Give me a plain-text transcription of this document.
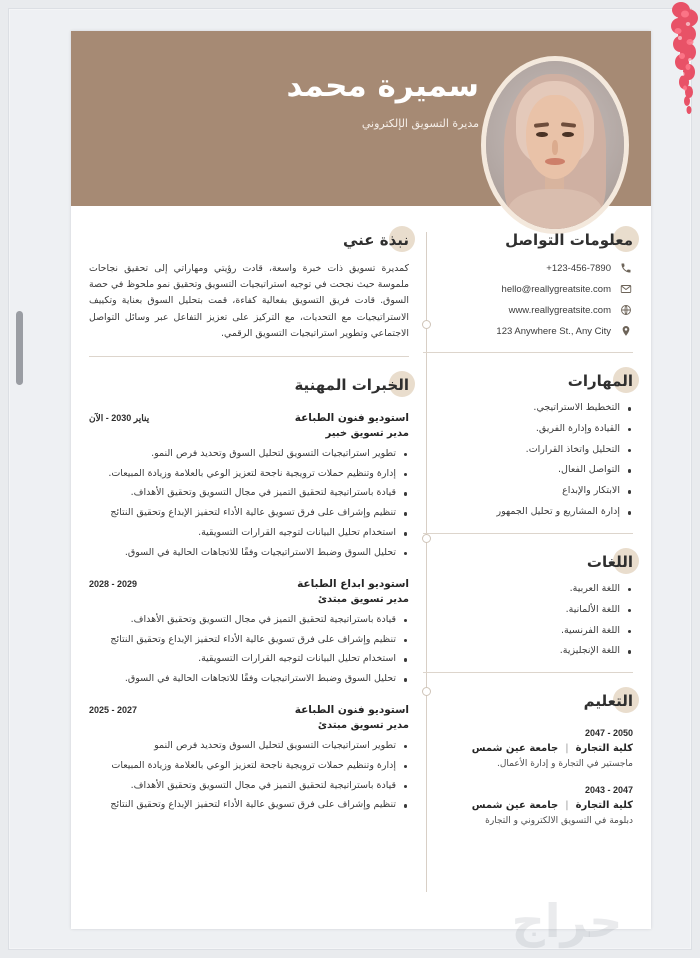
سميرة محمد
مديرة التسويق الإلكتروني
معلومات التواصل
+123-456-7890
hello@reallygreatsite.com
www.reallygreatsite.com
123 Anywhere St., Any City
المهارات
التخطيط الاستراتيجي.
القيادة وإدارة الفريق.
التحليل واتخاذ القرارات.
التواصل الفعال.
الابتكار والإبداع
إدارة المشاريع و تحليل الجمهور
اللغات
اللغة العربية.
اللغة الألمانية.
اللغة الفرنسية.
اللغة الإنجليزية.
التعليم
2047 - 2050
كلية التجارة
|
جامعة عين شمس
ماجستير في التجارة و إدارة الأعمال.
2043 - 2047
كلية التجارة
|
جامعة عين شمس
دبلومة في التسويق الالكتروني و التجارة
نبذة عني
كمديرة تسويق ذات خبرة واسعة، قادت رؤيتي ومهاراتي إلى تحقيق نجاحات ملموسة حيث نجحت في توجيه استراتيجيات التسويق وتحقيق نمو ملحوظ في حصة السوق. قادت فريق التسويق بفعالية كفاءة، قمت بتحليل السوق بعناية وتكييف الاستراتيجيات مع التحديات، مع التركيز على تعزيز التفاعل عبر وسائل التواصل الاجتماعي وتطوير استراتيجيات التسويق الرقمي.
الخبرات المهنية
استوديو فنون الطباعة
يناير 2030 - الآن
مدير تسويق خبير
تطوير استراتيجيات التسويق لتحليل السوق وتحديد فرص النمو.
إدارة وتنظيم حملات ترويجية ناجحة لتعزيز الوعي بالعلامة وزيادة المبيعات.
قيادة باستراتيجية لتحقيق التميز في مجال التسويق وتحقيق الأهداف.
تنظيم وإشراف على فرق تسويق عالية الأداء لتحفيز الإبداع وتحقيق النتائج
استخدام تحليل البيانات لتوجيه القرارات التسويقية.
تحليل السوق وضبط الاستراتيجيات وفقًا للاتجاهات الحالية في السوق.
استوديو ابداع الطباعة
2028 - 2029
مدير تسويق مبتدئ
قيادة باستراتيجية لتحقيق التميز في مجال التسويق وتحقيق الأهداف.
تنظيم وإشراف على فرق تسويق عالية الأداء لتحفيز الإبداع وتحقيق النتائج
استخدام تحليل البيانات لتوجيه القرارات التسويقية.
تحليل السوق وضبط الاستراتيجيات وفقًا للاتجاهات الحالية في السوق.
استوديو فنون الطباعة
2025 - 2027
مدير تسويق مبتدئ
تطوير استراتيجيات التسويق لتحليل السوق وتحديد فرص النمو
إدارة وتنظيم حملات ترويجية ناجحة لتعزيز الوعي بالعلامة وزيادة المبيعات
قيادة باستراتيجية لتحقيق التميز في مجال التسويق وتحقيق الأهداف.
تنظيم وإشراف على فرق تسويق عالية الأداء لتحفيز الإبداع وتحقيق النتائج
حراج
